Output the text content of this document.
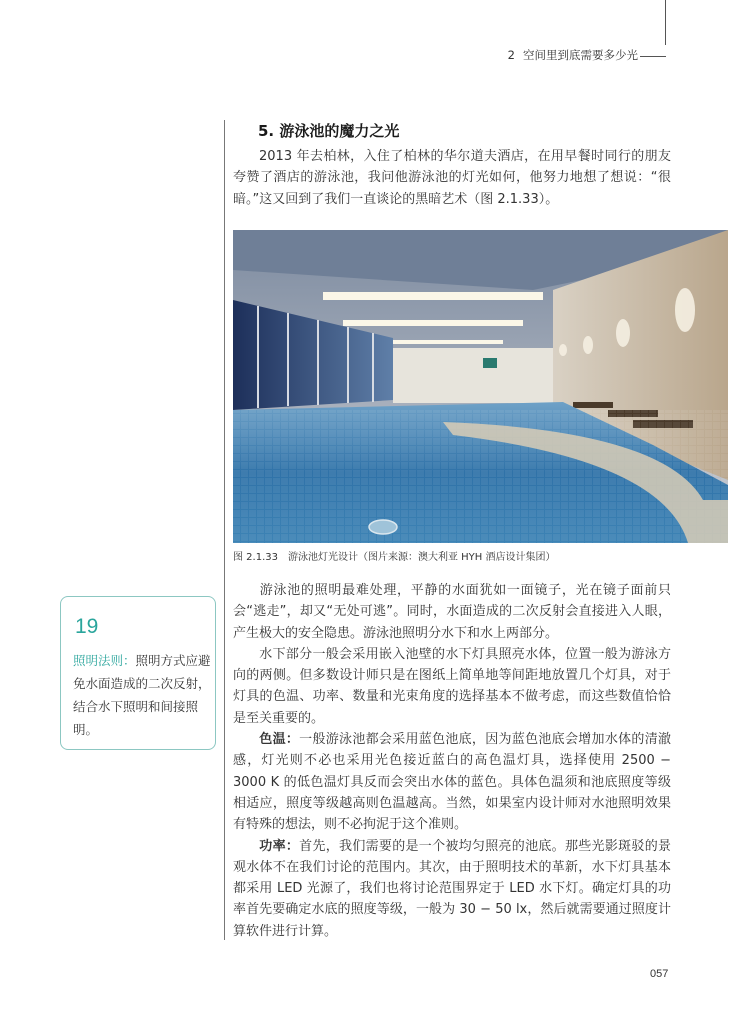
2 空间里到底需要多少光
5. 游泳池的魔力之光

2013 年去柏林，入住了柏林的华尔道夫酒店，在用早餐时同行的朋友夸赞了酒店的游泳池，我问他游泳池的灯光如何，他努力地想了想说：“很暗。”这又回到了我们一直谈论的黑暗艺术（图 2.1.33）。

图 2.1.33　游泳池灯光设计（图片来源：澳大利亚 HYH 酒店设计集团）

游泳池的照明最难处理，平静的水面犹如一面镜子，光在镜子面前只会“逃走”，却又“无处可逃”。同时，水面造成的二次反射会直接进入人眼，产生极大的安全隐患。游泳池照明分水下和水上两部分。

水下部分一般会采用嵌入池壁的水下灯具照亮水体，位置一般为游泳方向的两侧。但多数设计师只是在图纸上简单地等间距地放置几个灯具，对于灯具的色温、功率、数量和光束角度的选择基本不做考虑，而这些数值恰恰是至关重要的。

色温：一般游泳池都会采用蓝色池底，因为蓝色池底会增加水体的清澈感，灯光则不必也采用光色接近蓝白的高色温灯具，选择使用 2500 − 3000 K 的低色温灯具反而会突出水体的蓝色。具体色温须和池底照度等级相适应，照度等级越高则色温越高。当然，如果室内设计师对水池照明效果有特殊的想法，则不必拘泥于这个准则。

功率：首先，我们需要的是一个被均匀照亮的池底。那些光影斑驳的景观水体不在我们讨论的范围内。其次，由于照明技术的革新，水下灯具基本都采用 LED 光源了，我们也将讨论范围界定于 LED 水下灯。确定灯具的功率首先要确定水底的照度等级，一般为 30 − 50 lx，然后就需要通过照度计算软件进行计算。

19

照明法则：照明方式应避免水面造成的二次反射，结合水下照明和间接照明。

057
